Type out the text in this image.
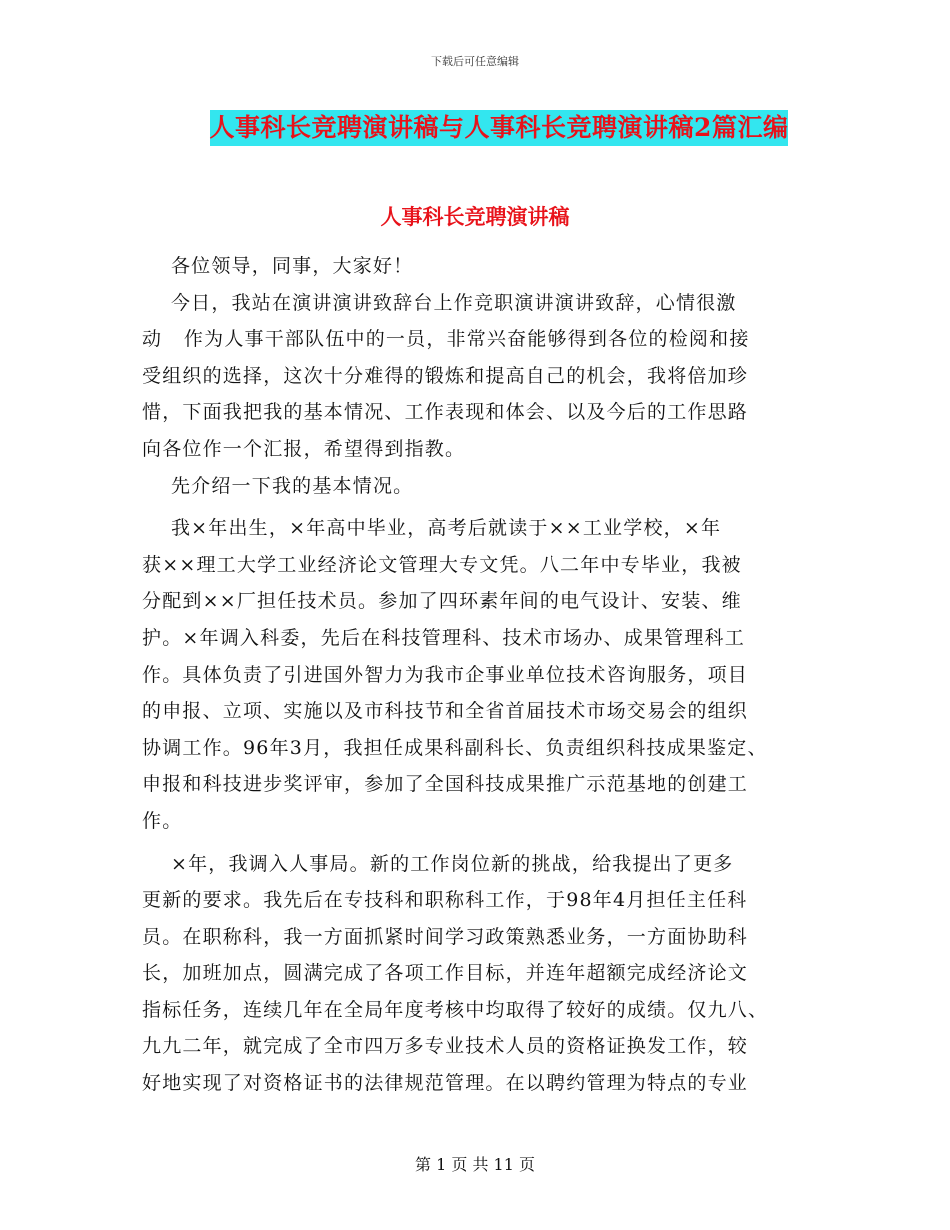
下载后可任意编辑
人事科长竞聘演讲稿与人事科长竞聘演讲稿2篇汇编
人事科长竞聘演讲稿

各位领导，同事，大家好！

今日，我站在演讲演讲致辞台上作竞职演讲演讲致辞，心情很激

动   作为人事干部队伍中的一员，非常兴奋能够得到各位的检阅和接

受组织的选择，这次十分难得的锻炼和提高自己的机会，我将倍加珍

惜，下面我把我的基本情况、工作表现和体会、以及今后的工作思路

向各位作一个汇报，希望得到指教。

先介绍一下我的基本情况。

我×年出生，×年高中毕业，高考后就读于××工业学校，×年

获××理工大学工业经济论文管理大专文凭。八二年中专毕业，我被

分配到××厂担任技术员。参加了四环素年间的电气设计、安装、维

护。×年调入科委，先后在科技管理科、技术市场办、成果管理科工

作。具体负责了引进国外智力为我市企事业单位技术咨询服务，项目

的申报、立项、实施以及市科技节和全省首届技术市场交易会的组织

协调工作。96年3月，我担任成果科副科长、负责组织科技成果鉴定、

申报和科技进步奖评审，参加了全国科技成果推广示范基地的创建工

作。

×年，我调入人事局。新的工作岗位新的挑战，给我提出了更多

更新的要求。我先后在专技科和职称科工作，于98年4月担任主任科

员。在职称科，我一方面抓紧时间学习政策熟悉业务，一方面协助科

长，加班加点，圆满完成了各项工作目标，并连年超额完成经济论文

指标任务，连续几年在全局年度考核中均取得了较好的成绩。仅九八、

九九二年，就完成了全市四万多专业技术人员的资格证换发工作，较

好地实现了对资格证书的法律规范管理。在以聘约管理为特点的专业

第 1 页 共 11 页
